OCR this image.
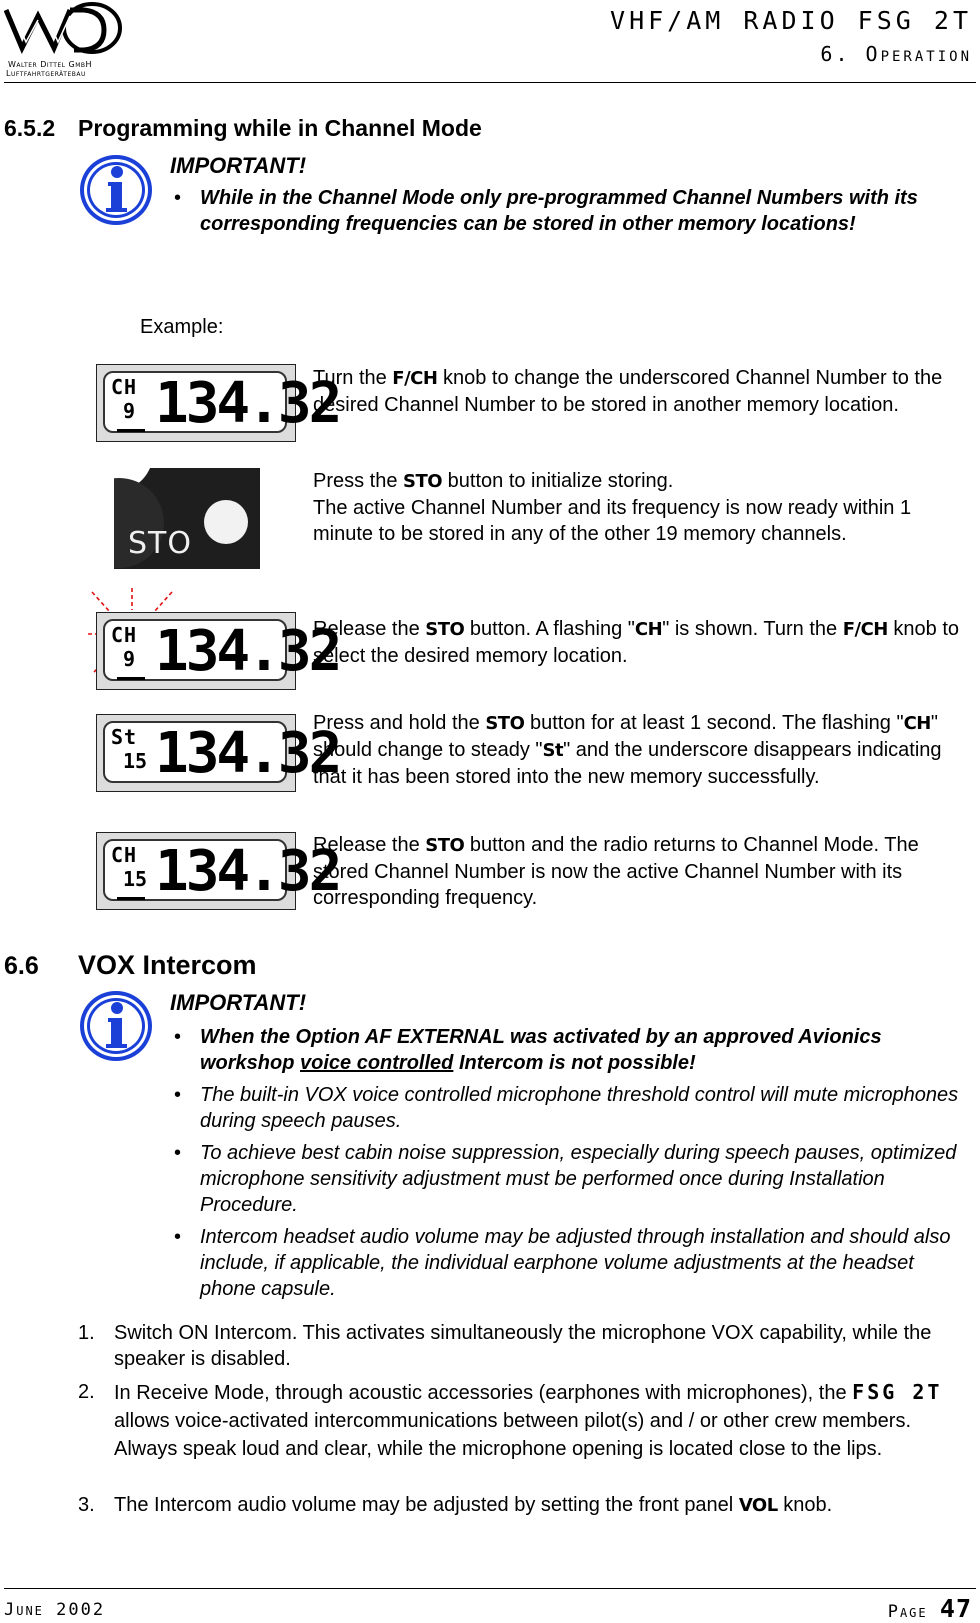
Walter Dittel GmbH
Luftfahrtgerätebau
VHF/AM RADIO FSG 2T
6. Operation
6.5.2 Programming while in Channel Mode
IMPORTANT!
• While in the Channel Mode only pre-programmed Channel Numbers with its corresponding frequencies can be stored in other memory locations!
Example:
CH
9 134.32
Turn the F/CH knob to change the underscored Channel Number to the desired Channel Number to be stored in another memory location.
STO
Press the STO button to initialize storing.
The active Channel Number and its frequency is now ready within 1 minute to be stored in any of the other 19 memory channels.
CH
9 134.32
Release the STO button. A flashing "CH" is shown. Turn the F/CH knob to select the desired memory location.
St
15 134.32
Press and hold the STO button for at least 1 second. The flashing "CH" should change to steady "St" and the underscore disappears indicating that it has been stored into the new memory successfully.
CH
15 134.32
Release the STO button and the radio returns to Channel Mode. The stored Channel Number is now the active Channel Number with its corresponding frequency.
6.6 VOX Intercom
IMPORTANT!
• When the Option AF EXTERNAL was activated by an approved Avionics workshop voice controlled Intercom is not possible!
• The built-in VOX voice controlled microphone threshold control will mute microphones during speech pauses.
• To achieve best cabin noise suppression, especially during speech pauses, optimized microphone sensitivity adjustment must be performed once during Installation Procedure.
• Intercom headset audio volume may be adjusted through installation and should also include, if applicable, the individual earphone volume adjustments at the headset phone capsule.
1. Switch ON Intercom. This activates simultaneously the microphone VOX capability, while the speaker is disabled.
2. In Receive Mode, through acoustic accessories (earphones with microphones), the FSG 2T allows voice-activated intercommunications between pilot(s) and / or other crew members. Always speak loud and clear, while the microphone opening is located close to the lips.
3. The Intercom audio volume may be adjusted by setting the front panel VOL knob.
June 2002	Page 47
